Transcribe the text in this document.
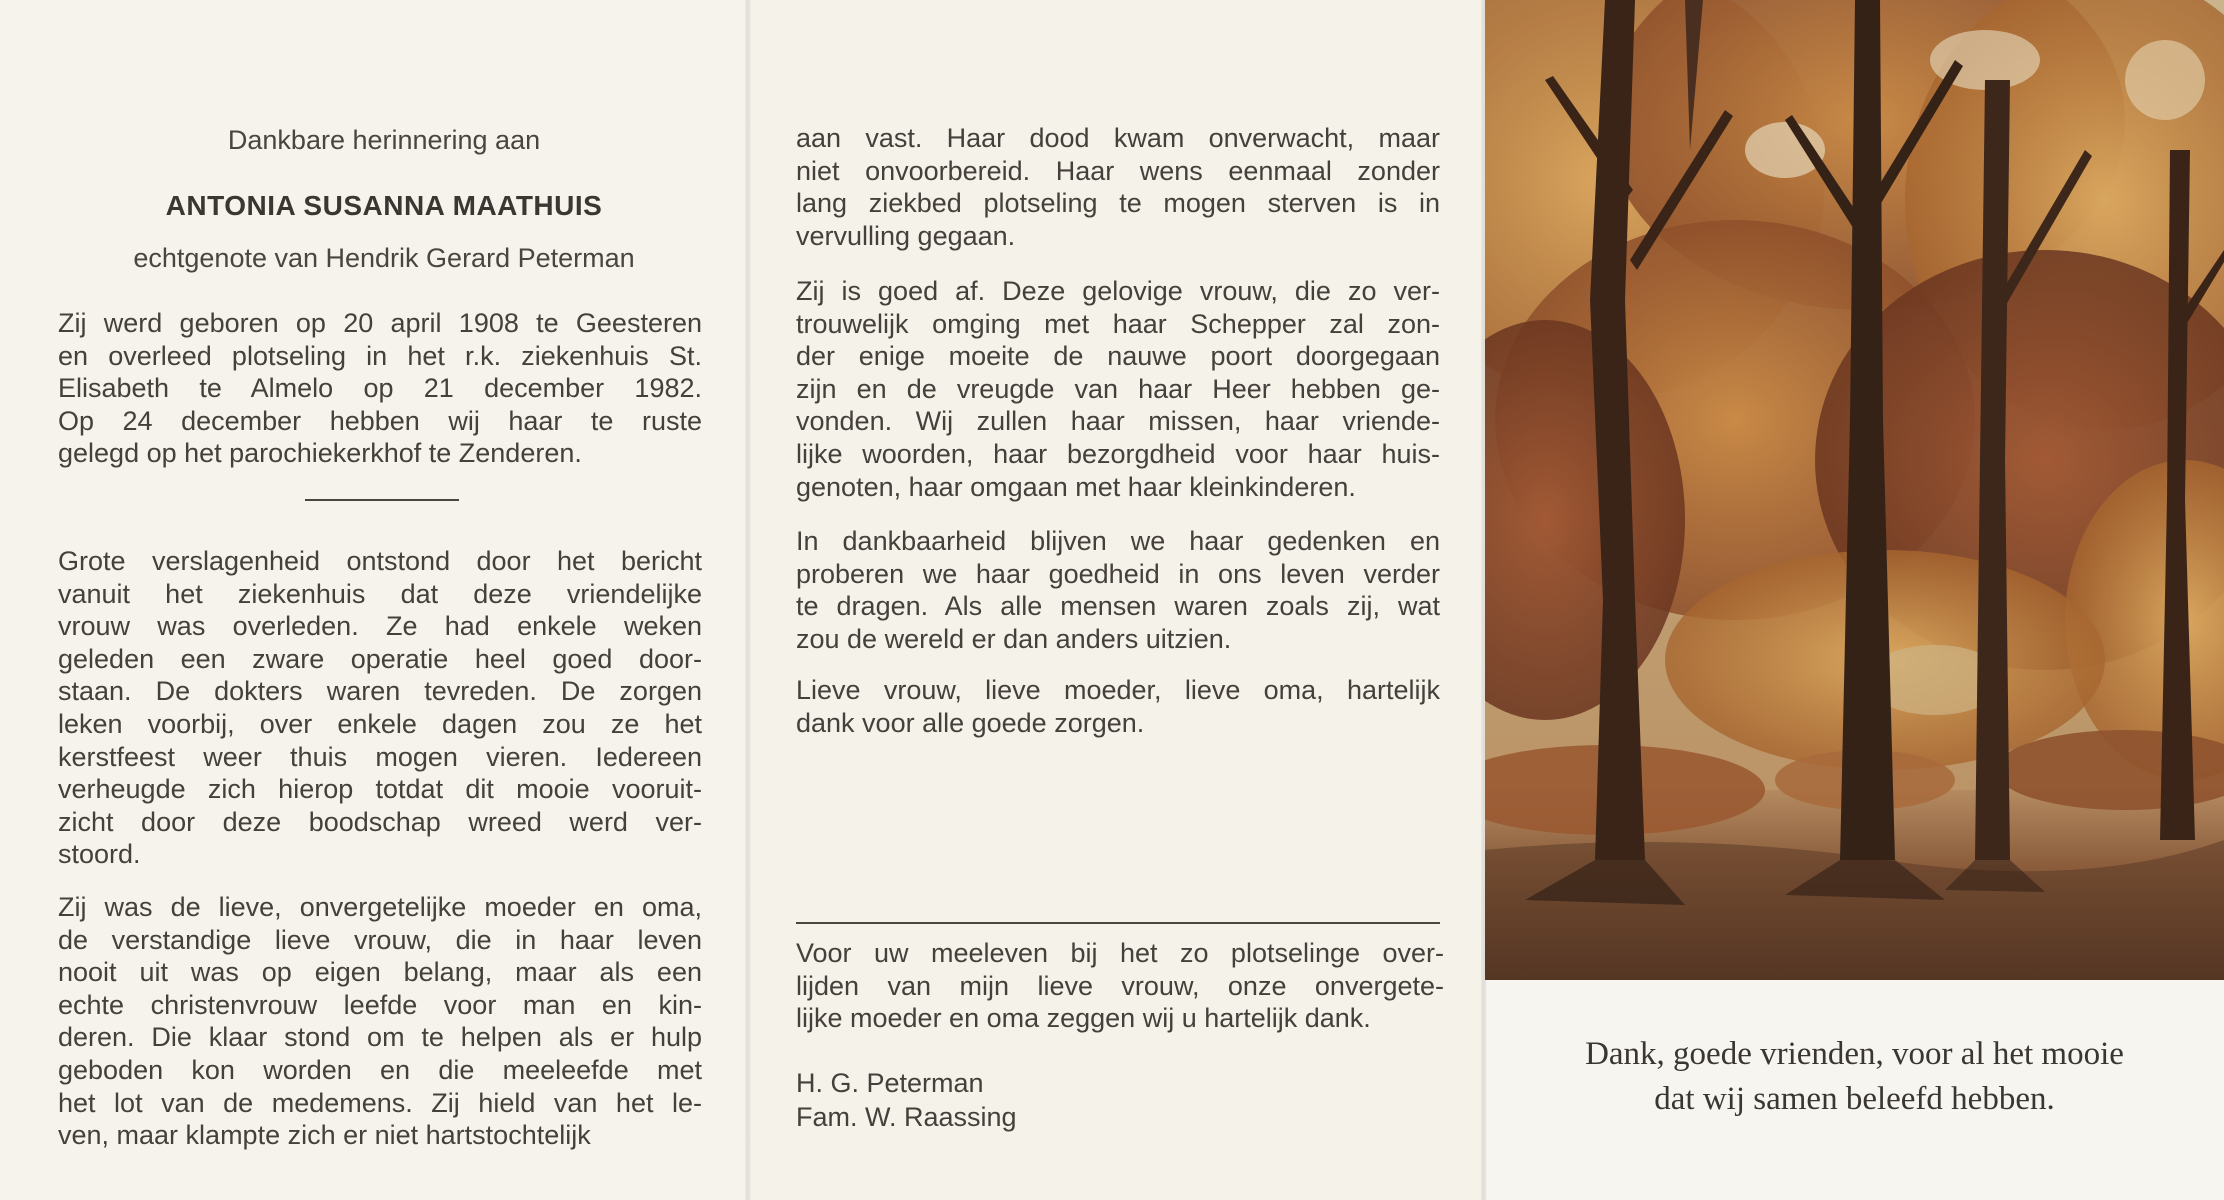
Dankbare herinnering aan
ANTONIA SUSANNA MAATHUIS
echtgenote van Hendrik Gerard Peterman
Zij werd geboren op 20 april 1908 te Geesteren
en overleed plotseling in het r.k. ziekenhuis St.
Elisabeth te Almelo op 21 december 1982.
Op 24 december hebben wij haar te ruste
gelegd op het parochiekerkhof te Zenderen.
Grote verslagenheid ontstond door het bericht
vanuit het ziekenhuis dat deze vriendelijke
vrouw was overleden. Ze had enkele weken
geleden een zware operatie heel goed door-
staan. De dokters waren tevreden. De zorgen
leken voorbij, over enkele dagen zou ze het
kerstfeest weer thuis mogen vieren. Iedereen
verheugde zich hierop totdat dit mooie vooruit-
zicht door deze boodschap wreed werd ver-
stoord.
Zij was de lieve, onvergetelijke moeder en oma,
de verstandige lieve vrouw, die in haar leven
nooit uit was op eigen belang, maar als een
echte christenvrouw leefde voor man en kin-
deren. Die klaar stond om te helpen als er hulp
geboden kon worden en die meeleefde met
het lot van de medemens. Zij hield van het le-
ven, maar klampte zich er niet hartstochtelijk
aan vast. Haar dood kwam onverwacht, maar
niet onvoorbereid. Haar wens eenmaal zonder
lang ziekbed plotseling te mogen sterven is in
vervulling gegaan.
Zij is goed af. Deze gelovige vrouw, die zo ver-
trouwelijk omging met haar Schepper zal zon-
der enige moeite de nauwe poort doorgegaan
zijn en de vreugde van haar Heer hebben ge-
vonden. Wij zullen haar missen, haar vriende-
lijke woorden, haar bezorgdheid voor haar huis-
genoten, haar omgaan met haar kleinkinderen.
In dankbaarheid blijven we haar gedenken en
proberen we haar goedheid in ons leven verder
te dragen. Als alle mensen waren zoals zij, wat
zou de wereld er dan anders uitzien.
Lieve vrouw, lieve moeder, lieve oma, hartelijk
dank voor alle goede zorgen.
Voor uw meeleven bij het zo plotselinge over-
lijden van mijn lieve vrouw, onze onvergete-
lijke moeder en oma zeggen wij u hartelijk dank.
H. G. Peterman
Fam. W. Raassing
Dank, goede vrienden, voor al het mooie
dat wij samen beleefd hebben.
